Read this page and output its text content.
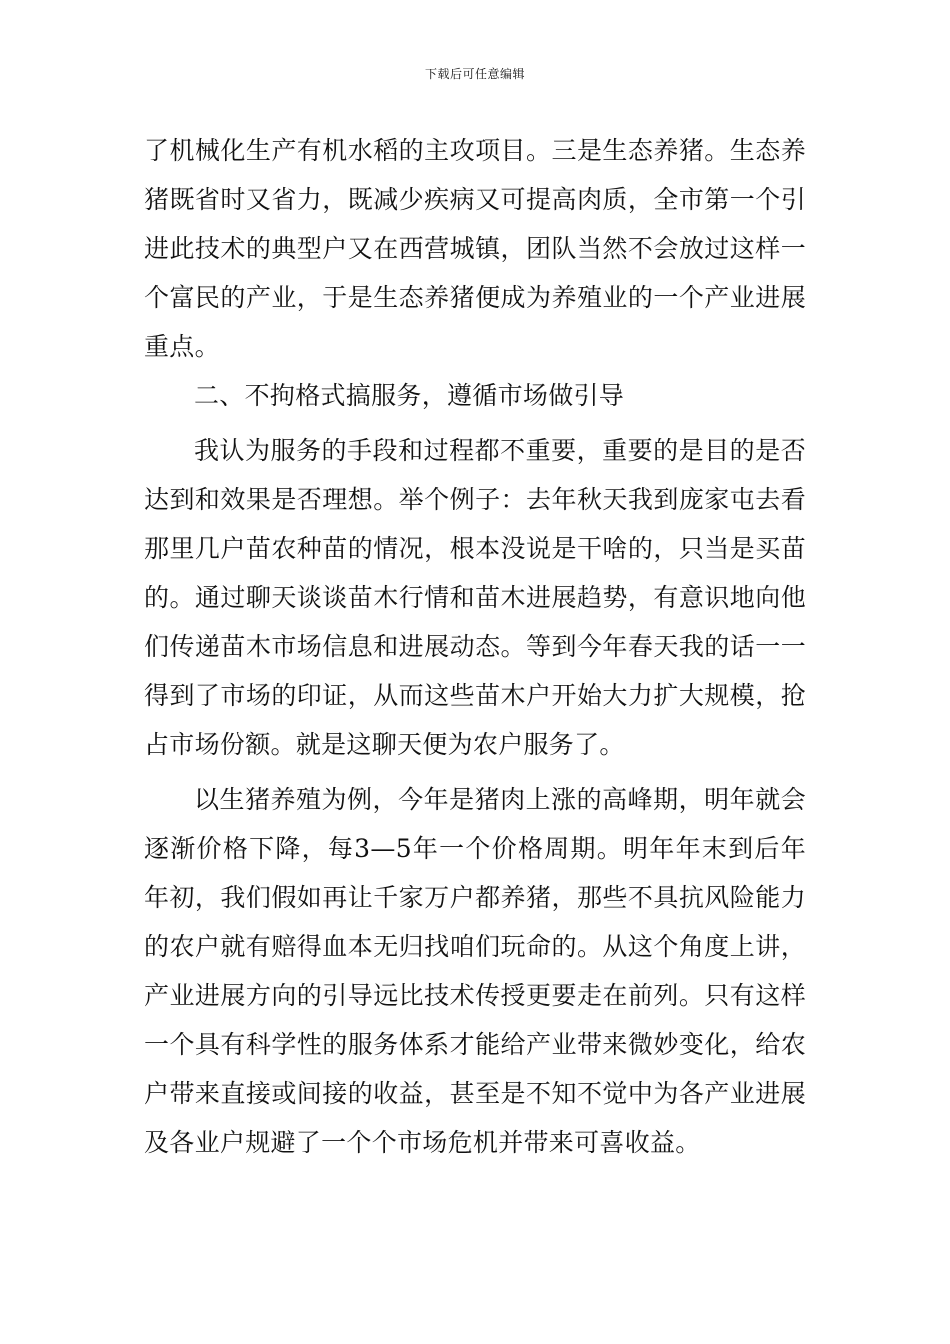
下载后可任意编辑

了机械化生产有机水稻的主攻项目。三是生态养猪。生态养猪既省时又省力，既减少疾病又可提高肉质，全市第一个引进此技术的典型户又在西营城镇，团队当然不会放过这样一个富民的产业，于是生态养猪便成为养殖业的一个产业进展重点。

二、不拘格式搞服务，遵循市场做引导

我认为服务的手段和过程都不重要，重要的是目的是否达到和效果是否理想。举个例子：去年秋天我到庞家屯去看那里几户苗农种苗的情况，根本没说是干啥的，只当是买苗的。通过聊天谈谈苗木行情和苗木进展趋势，有意识地向他们传递苗木市场信息和进展动态。等到今年春天我的话一一得到了市场的印证，从而这些苗木户开始大力扩大规模，抢占市场份额。就是这聊天便为农户服务了。

以生猪养殖为例，今年是猪肉上涨的高峰期，明年就会逐渐价格下降，每3—5年一个价格周期。明年年末到后年年初，我们假如再让千家万户都养猪，那些不具抗风险能力的农户就有赔得血本无归找咱们玩命的。从这个角度上讲，产业进展方向的引导远比技术传授更要走在前列。只有这样一个具有科学性的服务体系才能给产业带来微妙变化，给农户带来直接或间接的收益，甚至是不知不觉中为各产业进展及各业户规避了一个个市场危机并带来可喜收益。
